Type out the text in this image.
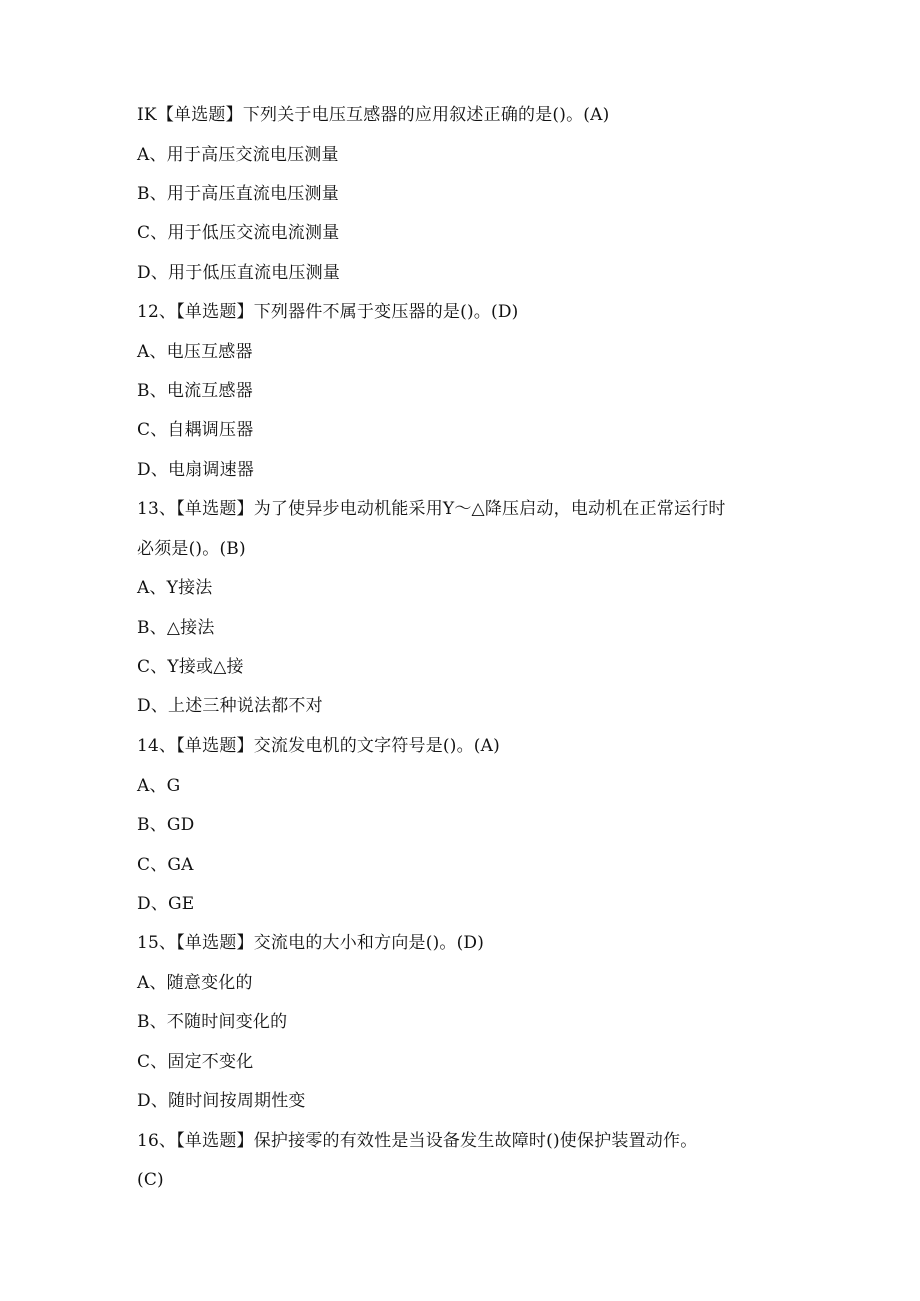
IK【单选题】下列关于电压互感器的应用叙述正确的是()。(A)
A、用于高压交流电压测量
B、用于高压直流电压测量
C、用于低压交流电流测量
D、用于低压直流电压测量
12、【单选题】下列器件不属于变压器的是()。(D)
A、电压互感器
B、电流互感器
C、自耦调压器
D、电扇调速器
13、【单选题】为了使异步电动机能采用Y～△降压启动，电动机在正常运行时
必须是()。(B)
A、Y接法
B、△接法
C、Y接或△接
D、上述三种说法都不对
14、【单选题】交流发电机的文字符号是()。(A)
A、G
B、GD
C、GA
D、GE
15、【单选题】交流电的大小和方向是()。(D)
A、随意变化的
B、不随时间变化的
C、固定不变化
D、随时间按周期性变
16、【单选题】保护接零的有效性是当设备发生故障时()使保护装置动作。
(C)
